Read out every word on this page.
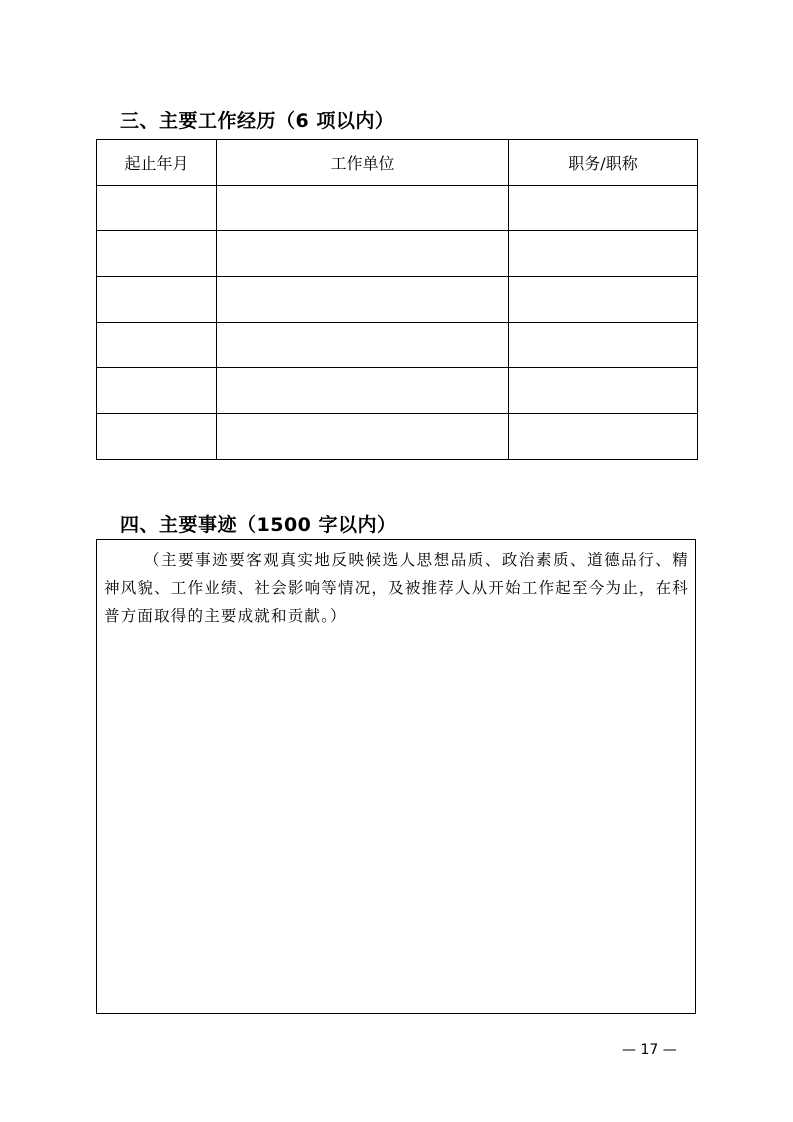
三、主要工作经历（6 项以内）
起止年月	工作单位	职务/职称

四、主要事迹（1500 字以内）
（主要事迹要客观真实地反映候选人思想品质、政治素质、道德品行、精神风貌、工作业绩、社会影响等情况，及被推荐人从开始工作起至今为止，在科普方面取得的主要成就和贡献。）
— 17 —
